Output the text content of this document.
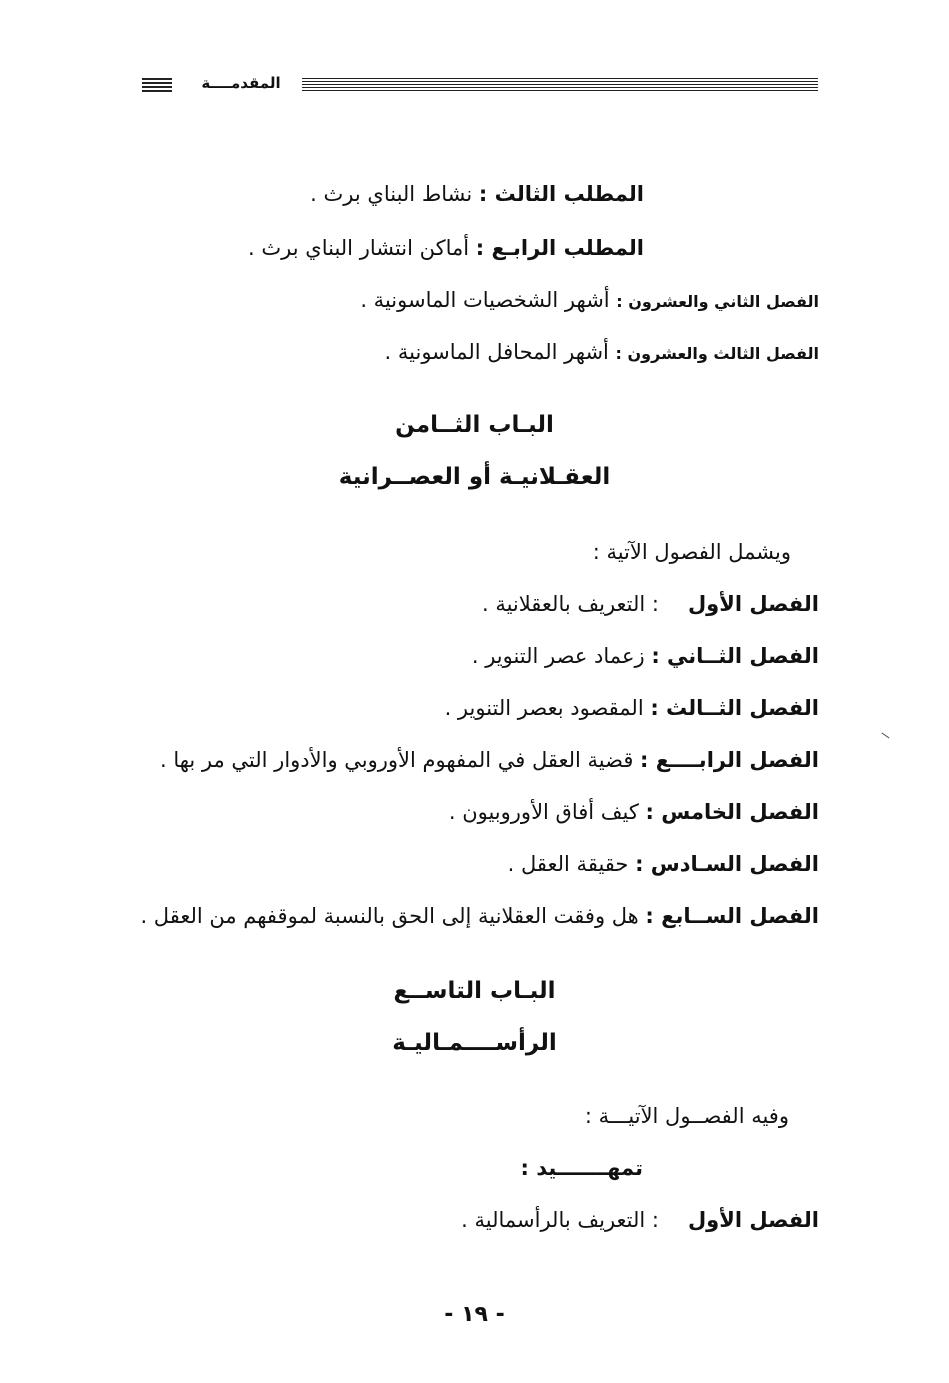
المقدمــــة
المطلب الثالث : نشاط البناي برث .
المطلب الرابـع : أماكن انتشار البناي برث .
الفصل الثاني والعشرون : أشهر الشخصيات الماسونية .
الفصل الثالث والعشرون : أشهر المحافل الماسونية .
البـاب الثــامن
العقـلانيـة أو العصــرانية
ويشمل الفصول الآتية :
الفصل الأول: التعريف بالعقلانية .
الفصل الثــاني : زعماد عصر التنوير .
الفصل الثــالث : المقصود بعصر التنوير .
الفصل الرابــــع : قضية العقل في المفهوم الأوروبي والأدوار التي مر بها .
الفصل الخامس : كيف أفاق الأوروبيون .
الفصل السـادس : حقيقة العقل .
الفصل الســابع : هل وفقت العقلانية إلى الحق بالنسبة لموقفهم من العقل .
البـاب التاســع
الرأســــمـاليـة
وفيه الفصــول الآتيـــة :
تمهـــــــيد :
الفصل الأول: التعريف بالرأسمالية .
- ١٩ -
